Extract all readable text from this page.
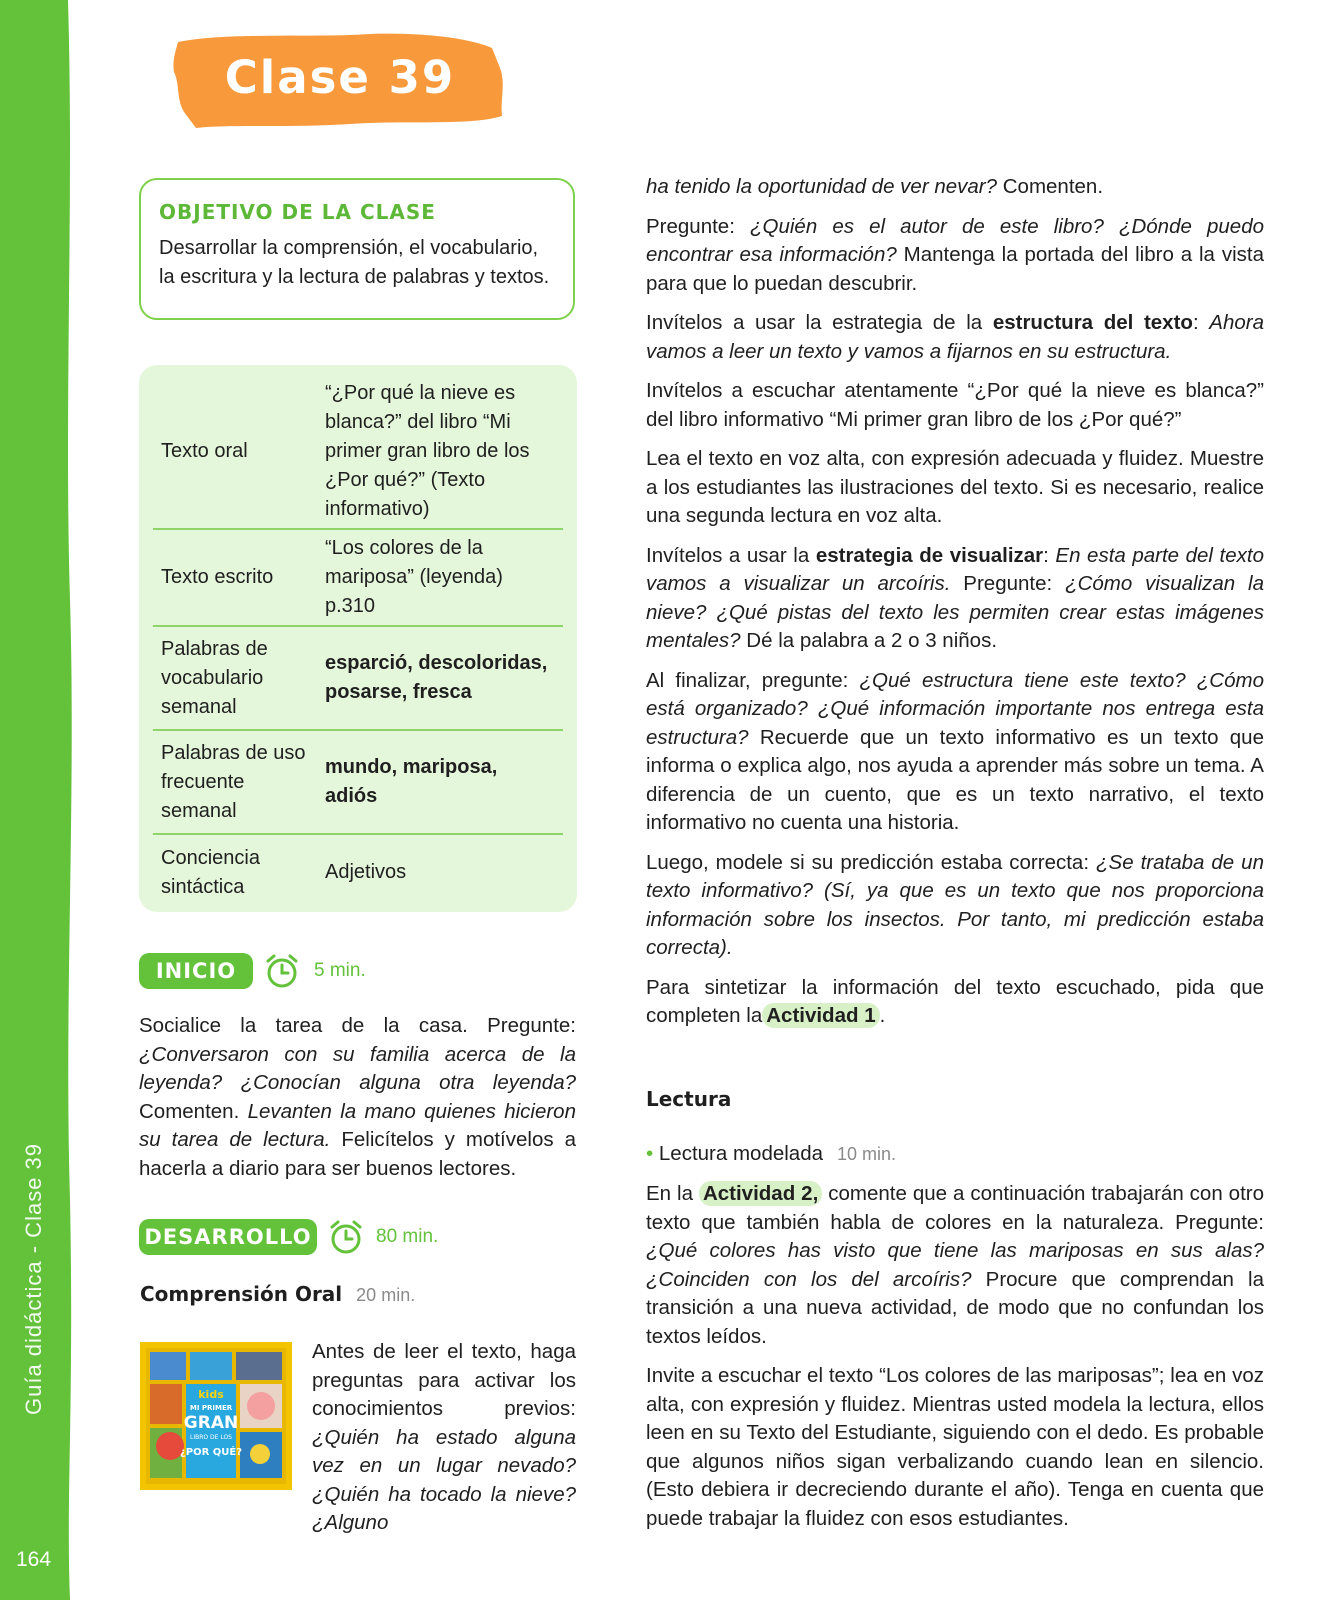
Guía didáctica - Clase 39
164
Clase 39
OBJETIVO DE LA CLASE
Desarrollar la comprensión, el vocabulario, la escritura y la lectura de palabras y textos.
Texto oral	“¿Por qué la nieve es blanca?” del libro “Mi primer gran libro de los ¿Por qué?” (Texto informativo)
Texto escrito	“Los colores de la mariposa” (leyenda) p.310
Palabras de vocabulario semanal	esparció, descoloridas, posarse, fresca
Palabras de uso frecuente semanal	mundo, mariposa, adiós
Conciencia sintáctica	Adjetivos
INICIO	5 min.

Socialice la tarea de la casa. Pregunte: ¿Conversaron con su familia acerca de la leyenda? ¿Conocían alguna otra leyenda? Comenten. Levanten la mano quienes hicieron su tarea de lectura. Felicítelos y motívelos a hacerla a diario para ser buenos lectores.

DESARROLLO	80 min.
Comprensión Oral 20 min.
kids
MI PRIMER
GRAN
LIBRO DE LOS
¿POR QUÉ?

Antes de leer el texto, haga preguntas para activar los conocimientos previos: ¿Quién ha estado alguna vez en un lugar nevado? ¿Quién ha tocado la nieve? ¿Alguno

ha tenido la oportunidad de ver nevar? Comenten.

Pregunte: ¿Quién es el autor de este libro? ¿Dónde puedo encontrar esa información? Mantenga la portada del libro a la vista para que lo puedan descubrir.

Invítelos a usar la estrategia de la estructura del texto: Ahora vamos a leer un texto y vamos a fijarnos en su estructura.

Invítelos a escuchar atentamente “¿Por qué la nieve es blanca?” del libro informativo “Mi primer gran libro de los ¿Por qué?”

Lea el texto en voz alta, con expresión adecuada y fluidez. Muestre a los estudiantes las ilustraciones del texto. Si es necesario, realice una segunda lectura en voz alta.

Invítelos a usar la estrategia de visualizar: En esta parte del texto vamos a visualizar un arcoíris. Pregunte: ¿Cómo visualizan la nieve? ¿Qué pistas del texto les permiten crear estas imágenes mentales? Dé la palabra a 2 o 3 niños.

Al finalizar, pregunte: ¿Qué estructura tiene este texto? ¿Cómo está organizado? ¿Qué información importante nos entrega esta estructura? Recuerde que un texto informativo es un texto que informa o explica algo, nos ayuda a aprender más sobre un tema. A diferencia de un cuento, que es un texto narrativo, el texto informativo no cuenta una historia.

Luego, modele si su predicción estaba correcta: ¿Se trataba de un texto informativo? (Sí, ya que es un texto que nos proporciona información sobre los insectos. Por tanto, mi predicción estaba correcta).

Para sintetizar la información del texto escuchado, pida que completen la Actividad 1 .

Lectura
• Lectura modelada 10 min.

En la Actividad 2, comente que a continuación trabajarán con otro texto que también habla de colores en la naturaleza. Pregunte: ¿Qué colores has visto que tiene las mariposas en sus alas? ¿Coinciden con los del arcoíris? Procure que comprendan la transición a una nueva actividad, de modo que no confundan los textos leídos.

Invite a escuchar el texto “Los colores de las mariposas”; lea en voz alta, con expresión y fluidez. Mientras usted modela la lectura, ellos leen en su Texto del Estudiante, siguiendo con el dedo. Es probable que algunos niños sigan verbalizando cuando lean en silencio. (Esto debiera ir decreciendo durante el año). Tenga en cuenta que puede trabajar la fluidez con esos estudiantes.
